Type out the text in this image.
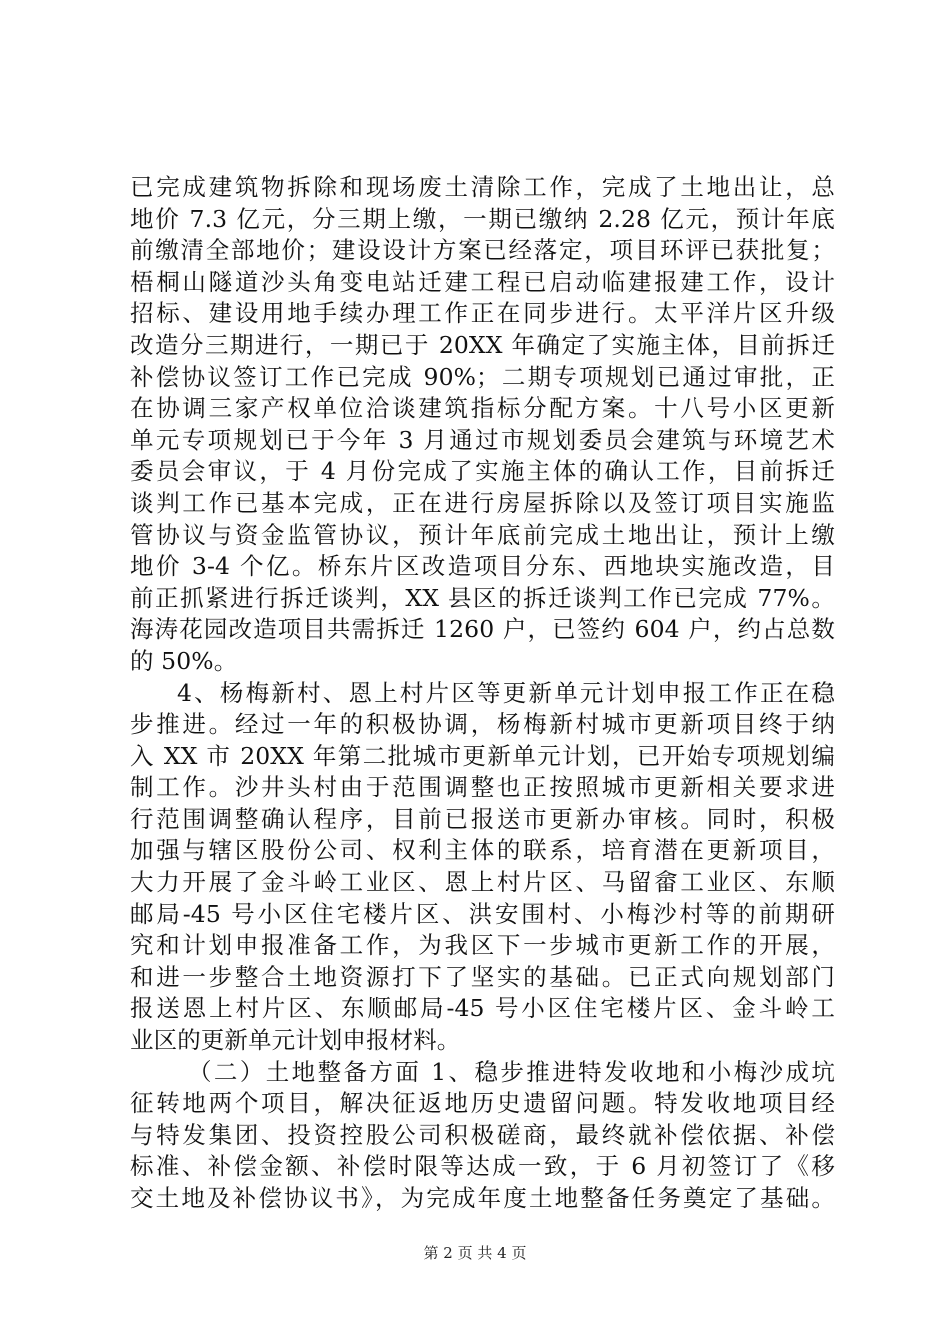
已完成建筑物拆除和现场废土清除工作，完成了土地出让，总
地价 7.3 亿元，分三期上缴，一期已缴纳 2.28 亿元，预计年底
前缴清全部地价；建设设计方案已经落定，项目环评已获批复；
梧桐山隧道沙头角变电站迁建工程已启动临建报建工作，设计
招标、建设用地手续办理工作正在同步进行。太平洋片区升级
改造分三期进行，一期已于 20XX 年确定了实施主体，目前拆迁
补偿协议签订工作已完成 90%；二期专项规划已通过审批，正
在协调三家产权单位洽谈建筑指标分配方案。十八号小区更新
单元专项规划已于今年 3 月通过市规划委员会建筑与环境艺术
委员会审议，于 4 月份完成了实施主体的确认工作，目前拆迁
谈判工作已基本完成，正在进行房屋拆除以及签订项目实施监
管协议与资金监管协议，预计年底前完成土地出让，预计上缴
地价 3-4 个亿。桥东片区改造项目分东、西地块实施改造，目
前正抓紧进行拆迁谈判，XX 县区的拆迁谈判工作已完成 77%。
海涛花园改造项目共需拆迁 1260 户，已签约 604 户，约占总数
的 50%。
4、杨梅新村、恩上村片区等更新单元计划申报工作正在稳
步推进。经过一年的积极协调，杨梅新村城市更新项目终于纳
入 XX 市 20XX 年第二批城市更新单元计划，已开始专项规划编
制工作。沙井头村由于范围调整也正按照城市更新相关要求进
行范围调整确认程序，目前已报送市更新办审核。同时，积极
加强与辖区股份公司、权利主体的联系，培育潜在更新项目，
大力开展了金斗岭工业区、恩上村片区、马留畲工业区、东顺
邮局-45 号小区住宅楼片区、洪安围村、小梅沙村等的前期研
究和计划申报准备工作，为我区下一步城市更新工作的开展，
和进一步整合土地资源打下了坚实的基础。已正式向规划部门
报送恩上村片区、东顺邮局-45 号小区住宅楼片区、金斗岭工
业区的更新单元计划申报材料。
（二）土地整备方面 1、稳步推进特发收地和小梅沙成坑
征转地两个项目，解决征返地历史遗留问题。特发收地项目经
与特发集团、投资控股公司积极磋商，最终就补偿依据、补偿
标准、补偿金额、补偿时限等达成一致，于 6 月初签订了《移
交土地及补偿协议书》，为完成年度土地整备任务奠定了基础。
第 2 页 共 4 页
